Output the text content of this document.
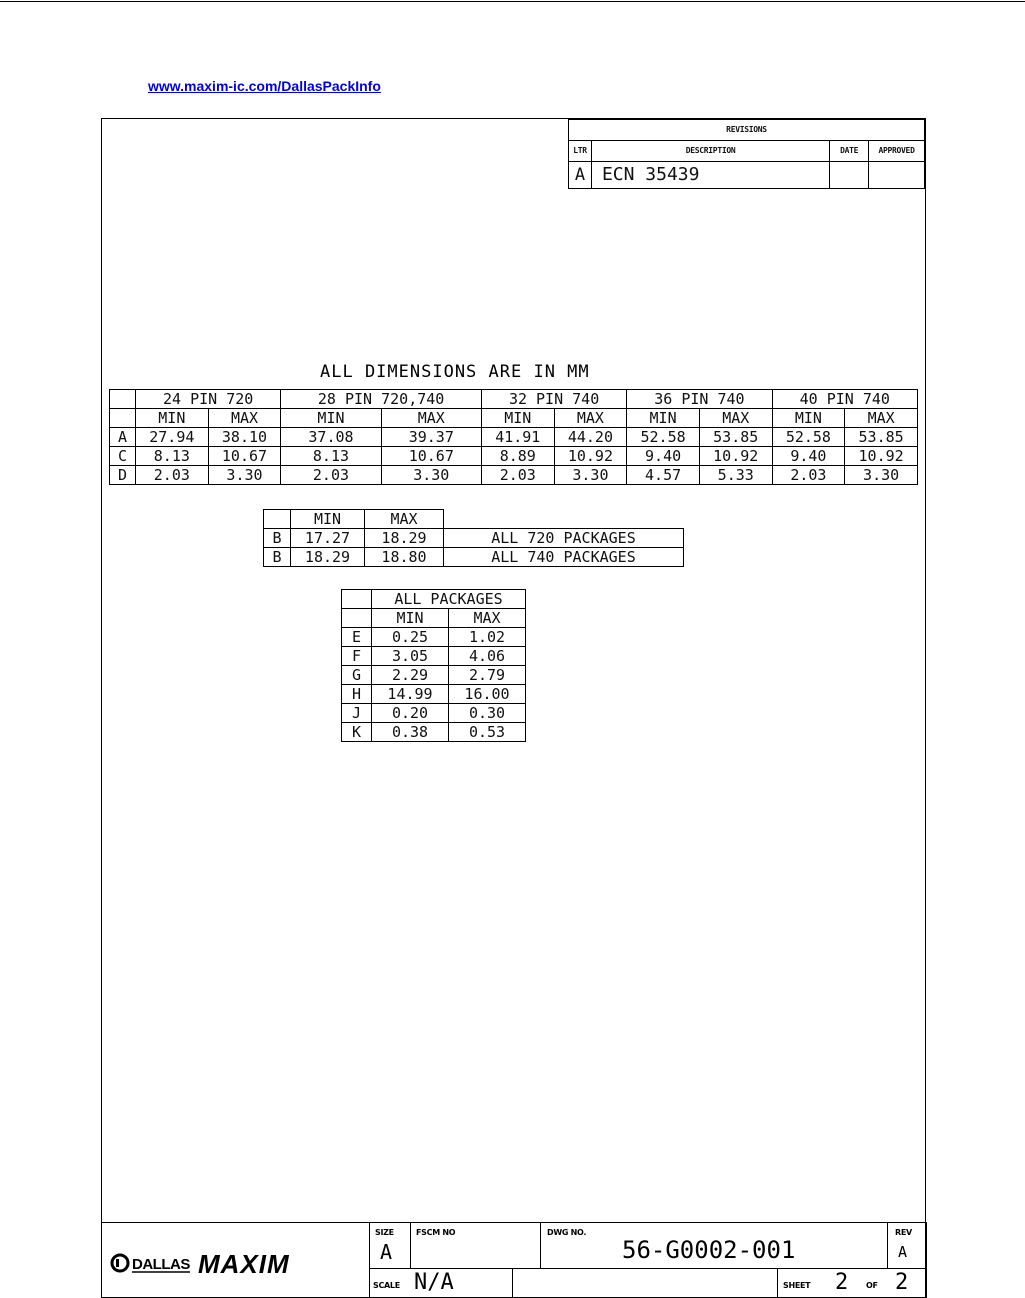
www.maxim-ic.com/DallasPackInfo
REVISIONS			
LTR	DESCRIPTION	DATE	APPROVED
A	ECN 35439		
ALL DIMENSIONS ARE IN MM
	24 PIN 720		28 PIN 720,740		32 PIN 740		36 PIN 740		40 PIN 740	
	MIN	MAX	MIN	MAX	MIN	MAX	MIN	MAX	MIN	MAX
A	27.94	38.10	37.08	39.37	41.91	44.20	52.58	53.85	52.58	53.85
C	8.13	10.67	8.13	10.67	8.89	10.92	9.40	10.92	9.40	10.92
D	2.03	3.30	2.03	3.30	2.03	3.30	4.57	5.33	2.03	3.30
	MIN	MAX	
B	17.27	18.29	ALL 720 PACKAGES
B	18.29	18.80	ALL 740 PACKAGES
	ALL PACKAGES	
	MIN	MAX
E	0.25	1.02
F	3.05	4.06
G	2.29	2.79
H	14.99	16.00
J	0.20	0.30
K	0.38	0.53
DALLAS MAXIM
SIZE
A
FSCM NO	DWG NO.
56-G0002-001
REV
A
SCALE N/A	SHEET 2 OF 2
